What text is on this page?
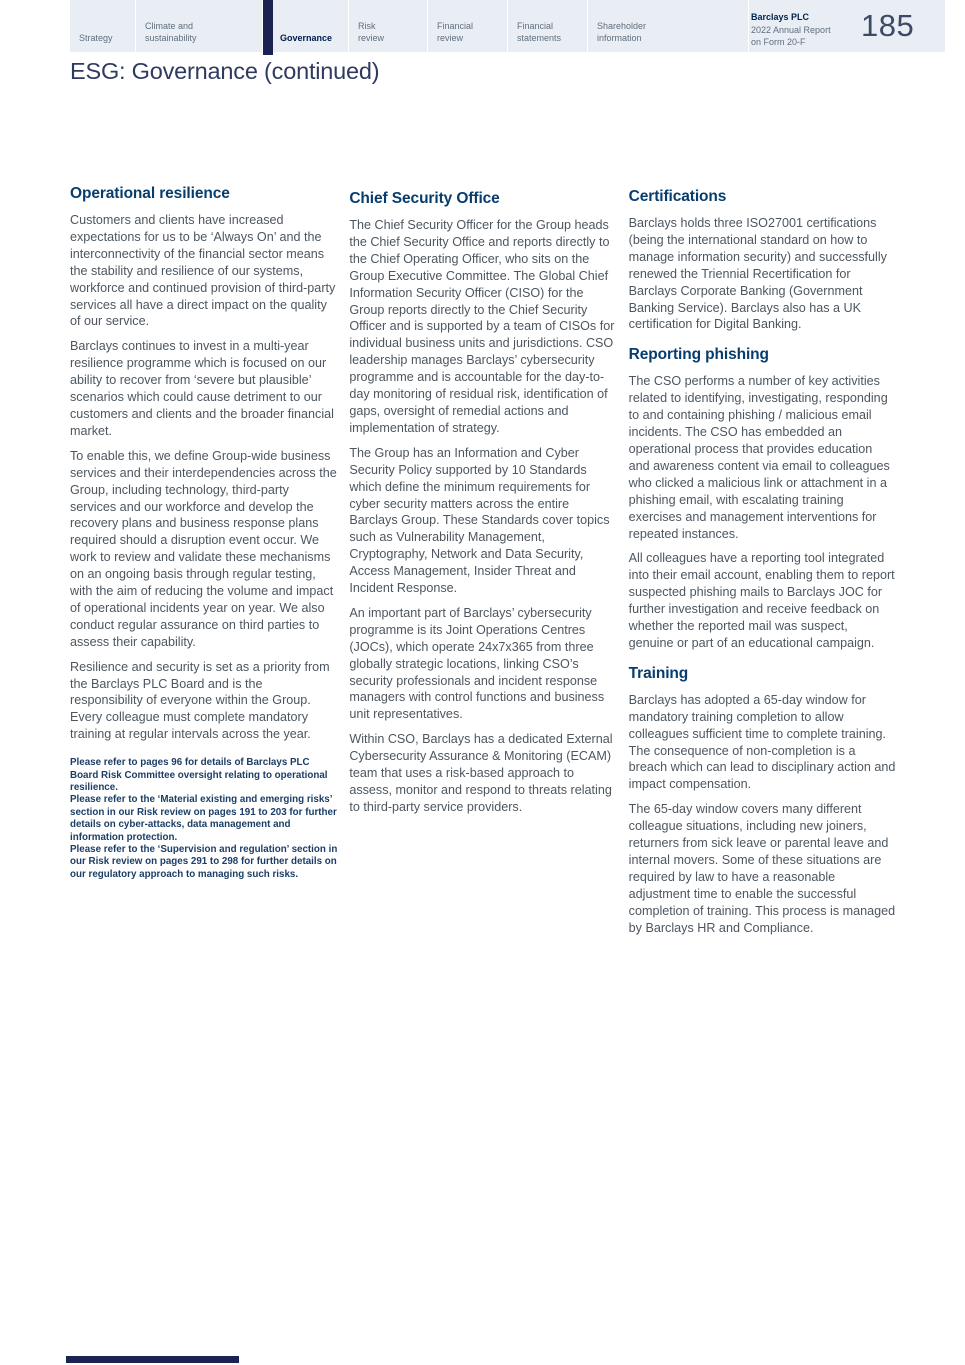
Strategy
Climate and sustainability	Governance
Risk review
Financial review
Financial statements
Shareholder information
Barclays PLC
2022 Annual Report
on Form 20-F	185
ESG: Governance (continued)
Operational resilience

Customers and clients have increased expectations for us to be ‘Always On’ and the interconnectivity of the financial sector means the stability and resilience of our systems, workforce and continued provision of third-party services all have a direct impact on the quality of our service.

Barclays continues to invest in a multi-year resilience programme which is focused on our ability to recover from ‘severe but plausible’ scenarios which could cause detriment to our customers and clients and the broader financial market.

To enable this, we define Group-wide business services and their interdependencies across the Group, including technology, third-party services and our workforce and develop the recovery plans and business response plans required should a disruption event occur. We work to review and validate these mechanisms on an ongoing basis through regular testing, with the aim of reducing the volume and impact of operational incidents year on year. We also conduct regular assurance on third parties to assess their capability.

Resilience and security is set as a priority from the Barclays PLC Board and is the responsibility of everyone within the Group. Every colleague must complete mandatory training at regular intervals across the year.

Please refer to pages 96 for details of Barclays PLC Board Risk Committee oversight relating to operational resilience.

Please refer to the ‘Material existing and emerging risks’ section in our Risk review on pages 191 to 203 for further details on cyber-attacks, data management and information protection.

Please refer to the ‘Supervision and regulation’ section in our Risk review on pages 291 to 298 for further details on our regulatory approach to managing such risks.

Chief Security Office

The Chief Security Officer for the Group heads the Chief Security Office and reports directly to the Chief Operating Officer, who sits on the Group Executive Committee. The Global Chief Information Security Officer (CISO) for the Group reports directly to the Chief Security Officer and is supported by a team of CISOs for individual business units and jurisdictions. CSO leadership manages Barclays’ cybersecurity programme and is accountable for the day-to-day monitoring of residual risk, identification of gaps, oversight of remedial actions and implementation of strategy.

The Group has an Information and Cyber Security Policy supported by 10 Standards which define the minimum requirements for cyber security matters across the entire Barclays Group. These Standards cover topics such as Vulnerability Management, Cryptography, Network and Data Security, Access Management, Insider Threat and Incident Response.

An important part of Barclays’ cybersecurity programme is its Joint Operations Centres (JOCs), which operate 24x7x365 from three globally strategic locations, linking CSO’s security professionals and incident response managers with control functions and business unit representatives.

Within CSO, Barclays has a dedicated External Cybersecurity Assurance & Monitoring (ECAM) team that uses a risk-based approach to assess, monitor and respond to threats relating to third-party service providers.

Certifications

Barclays holds three ISO27001 certifications (being the international standard on how to manage information security) and successfully renewed the Triennial Recertification for Barclays Corporate Banking (Government Banking Service). Barclays also has a UK certification for Digital Banking.

Reporting phishing

The CSO performs a number of key activities related to identifying, investigating, responding to and containing phishing / malicious email incidents. The CSO has embedded an operational process that provides education and awareness content via email to colleagues who clicked a malicious link or attachment in a phishing email, with escalating training exercises and management interventions for repeated instances.

All colleagues have a reporting tool integrated into their email account, enabling them to report suspected phishing mails to Barclays JOC for further investigation and receive feedback on whether the reported mail was suspect, genuine or part of an educational campaign.

Training

Barclays has adopted a 65-day window for mandatory training completion to allow colleagues sufficient time to complete training. The consequence of non-completion is a breach which can lead to disciplinary action and impact compensation.

The 65-day window covers many different colleague situations, including new joiners, returners from sick leave or parental leave and internal movers. Some of these situations are required by law to have a reasonable adjustment time to enable the successful completion of training. This process is managed by Barclays HR and Compliance.
